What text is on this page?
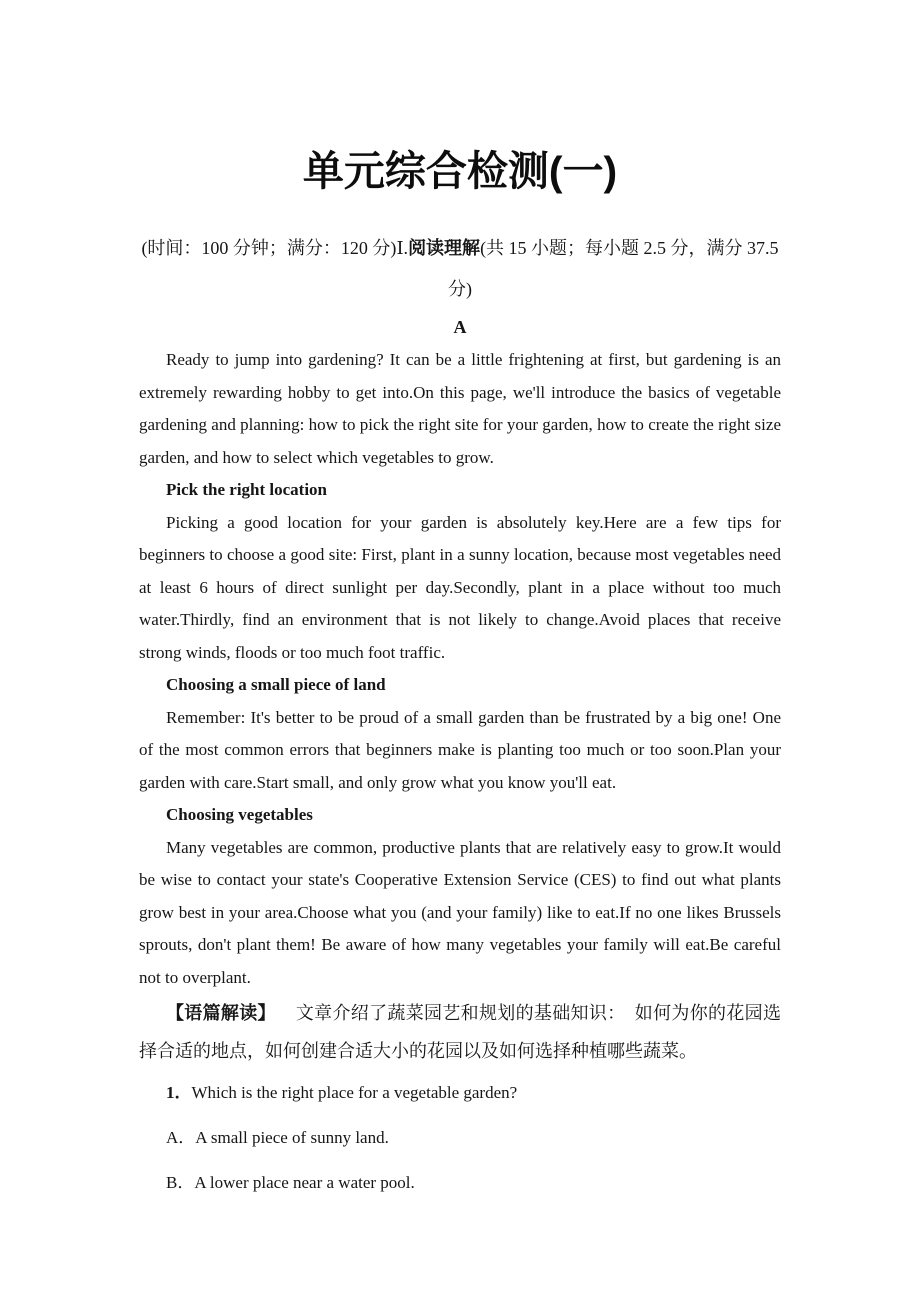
单元综合检测(一)

(时间：100 分钟；满分：120 分)Ⅰ.阅读理解(共 15 小题；每小题 2.5 分，满分 37.5 分)

A

Ready to jump into gardening? It can be a little frightening at first, but gardening is an extremely rewarding hobby to get into.On this page, we'll introduce the basics of vegetable gardening and planning: how to pick the right site for your garden, how to create the right size garden, and how to select which vegetables to grow.

Pick the right location

Picking a good location for your garden is absolutely key.Here are a few tips for beginners to choose a good site: First, plant in a sunny location, because most vegetables need at least 6 hours of direct sunlight per day.Secondly, plant in a place without too much water.Thirdly, find an environment that is not likely to change.Avoid places that receive strong winds, floods or too much foot traffic.

Choosing a small piece of land

Remember: It's better to be proud of a small garden than be frustrated by a big one! One of the most common errors that beginners make is planting too much or too soon.Plan your garden with care.Start small, and only grow what you know you'll eat.

Choosing vegetables

Many vegetables are common, productive plants that are relatively easy to grow.It would be wise to contact your state's Cooperative Extension Service (CES) to find out what plants grow best in your area.Choose what you (and your family) like to eat.If no one likes Brussels sprouts, don't plant them! Be aware of how many vegetables your family will eat.Be careful not to overplant.

【语篇解读】 文章介绍了蔬菜园艺和规划的基础知识：　如何为你的花园选择合适的地点，如何创建合适大小的花园以及如何选择种植哪些蔬菜。

1．Which is the right place for a vegetable garden?

A．A small piece of sunny land.

B．A lower place near a water pool.
